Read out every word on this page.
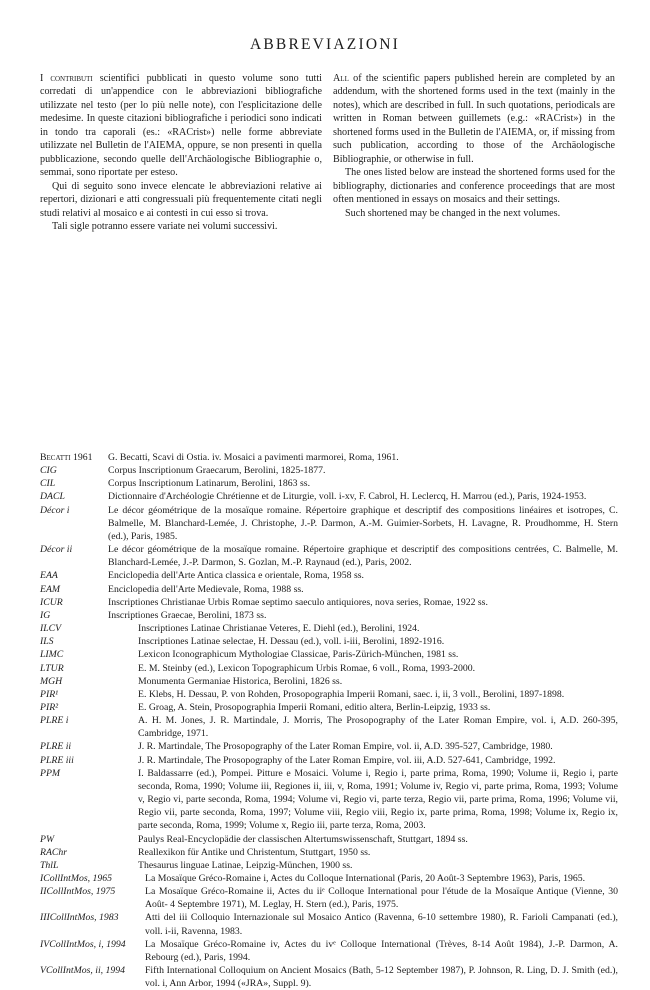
ABBREVIAZIONI

I contributi scientifici pubblicati in questo volume sono tutti corredati di un'appendice con le abbreviazioni bibliografiche utilizzate nel testo (per lo più nelle note), con l'esplicitazione delle medesime. In queste citazioni bibliografiche i periodici sono indicati in tondo tra caporali (es.: «RACrist») nelle forme abbreviate utilizzate nel Bulletin de l'AIEMA, oppure, se non presenti in quella pubblicazione, secondo quelle dell'Archäologische Bibliographie o, semmai, sono riportate per esteso.

Qui di seguito sono invece elencate le abbreviazioni relative ai repertori, dizionari e atti congressuali più frequentemente citati negli studi relativi al mosaico e ai contesti in cui esso si trova.

Tali sigle potranno essere variate nei volumi successivi.

All of the scientific papers published herein are completed by an addendum, with the shortened forms used in the text (mainly in the notes), which are described in full. In such quotations, periodicals are written in Roman between guillemets (e.g.: «RACrist») in the shortened forms used in the Bulletin de l'AIEMA, or, if missing from such publication, according to those of the Archäologische Bibliographie, or otherwise in full.

The ones listed below are instead the shortened forms used for the bibliography, dictionaries and conference proceedings that are most often mentioned in essays on mosaics and their settings.

Such shortened may be changed in the next volumes.

Becatti 1961	G. Becatti, Scavi di Ostia. iv. Mosaici a pavimenti marmorei, Roma, 1961.
CIG	Corpus Inscriptionum Graecarum, Berolini, 1825-1877.
CIL	Corpus Inscriptionum Latinarum, Berolini, 1863 ss.
DACL	Dictionnaire d'Archéologie Chrétienne et de Liturgie, voll. i-xv, F. Cabrol, H. Leclercq, H. Marrou (ed.), Paris, 1924-1953.
Décor i	Le décor géométrique de la mosaïque romaine. Répertoire graphique et descriptif des compositions linéaires et isotropes, C. Balmelle, M. Blanchard-Lemée, J. Christophe, J.-P. Darmon, A.-M. Guimier-Sorbets, H. Lavagne, R. Proudhomme, H. Stern (ed.), Paris, 1985.
Décor ii	Le décor géométrique de la mosaïque romaine. Répertoire graphique et descriptif des compositions centrées, C. Balmelle, M. Blanchard-Lemée, J.-P. Darmon, S. Gozlan, M.-P. Raynaud (ed.), Paris, 2002.
EAA	Enciclopedia dell'Arte Antica classica e orientale, Roma, 1958 ss.
EAM	Enciclopedia dell'Arte Medievale, Roma, 1988 ss.
ICUR	Inscriptiones Christianae Urbis Romae septimo saeculo antiquiores, nova series, Romae, 1922 ss.
IG	Inscriptiones Graecae, Berolini, 1873 ss.
ILCV	Inscriptiones Latinae Christianae Veteres, E. Diehl (ed.), Berolini, 1924.
ILS	Inscriptiones Latinae selectae, H. Dessau (ed.), voll. i-iii, Berolini, 1892-1916.
LIMC	Lexicon Iconographicum Mythologiae Classicae, Paris-Zürich-München, 1981 ss.
LTUR	E. M. Steinby (ed.), Lexicon Topographicum Urbis Romae, 6 voll., Roma, 1993-2000.
MGH	Monumenta Germaniae Historica, Berolini, 1826 ss.
PIR¹	E. Klebs, H. Dessau, P. von Rohden, Prosopographia Imperii Romani, saec. i, ii, 3 voll., Berolini, 1897-1898.
PIR²	E. Groag, A. Stein, Prosopographia Imperii Romani, editio altera, Berlin-Leipzig, 1933 ss.
PLRE i	A. H. M. Jones, J. R. Martindale, J. Morris, The Prosopography of the Later Roman Empire, vol. i, A.D. 260-395, Cambridge, 1971.
PLRE ii	J. R. Martindale, The Prosopography of the Later Roman Empire, vol. ii, A.D. 395-527, Cambridge, 1980.
PLRE iii	J. R. Martindale, The Prosopography of the Later Roman Empire, vol. iii, A.D. 527-641, Cambridge, 1992.
PPM	I. Baldassarre (ed.), Pompei. Pitture e Mosaici. Volume i, Regio i, parte prima, Roma, 1990; Volume ii, Regio i, parte seconda, Roma, 1990; Volume iii, Regiones ii, iii, v, Roma, 1991; Volume iv, Regio vi, parte prima, Roma, 1993; Volume v, Regio vi, parte seconda, Roma, 1994; Volume vi, Regio vi, parte terza, Regio vii, parte prima, Roma, 1996; Volume vii, Regio vii, parte seconda, Roma, 1997; Volume viii, Regio viii, Regio ix, parte prima, Roma, 1998; Volume ix, Regio ix, parte seconda, Roma, 1999; Volume x, Regio iii, parte terza, Roma, 2003.
PW	Paulys Real-Encyclopädie der classischen Altertumswissenschaft, Stuttgart, 1894 ss.
RAChr	Reallexikon für Antike und Christentum, Stuttgart, 1950 ss.
ThlL	Thesaurus linguae Latinae, Leipzig-München, 1900 ss.
ICollIntMos, 1965	La Mosaïque Gréco-Romaine i, Actes du Colloque International (Paris, 20 Août-3 Septembre 1963), Paris, 1965.
IICollIntMos, 1975	La Mosaïque Gréco-Romaine ii, Actes du iiᵉ Colloque International pour l'étude de la Mosaïque Antique (Vienne, 30 Août- 4 Septembre 1971), M. Leglay, H. Stern (ed.), Paris, 1975.
IIICollIntMos, 1983	Atti del iii Colloquio Internazionale sul Mosaico Antico (Ravenna, 6-10 settembre 1980), R. Farioli Campanati (ed.), voll. i-ii, Ravenna, 1983.
IVCollIntMos, i, 1994	La Mosaïque Gréco-Romaine iv, Actes du ivᵉ Colloque International (Trèves, 8-14 Août 1984), J.-P. Darmon, A. Rebourg (ed.), Paris, 1994.
VCollIntMos, ii, 1994	Fifth International Colloquium on Ancient Mosaics (Bath, 5-12 September 1987), P. Johnson, R. Ling, D. J. Smith (ed.), vol. i, Ann Arbor, 1994 («JRA», Suppl. 9).
